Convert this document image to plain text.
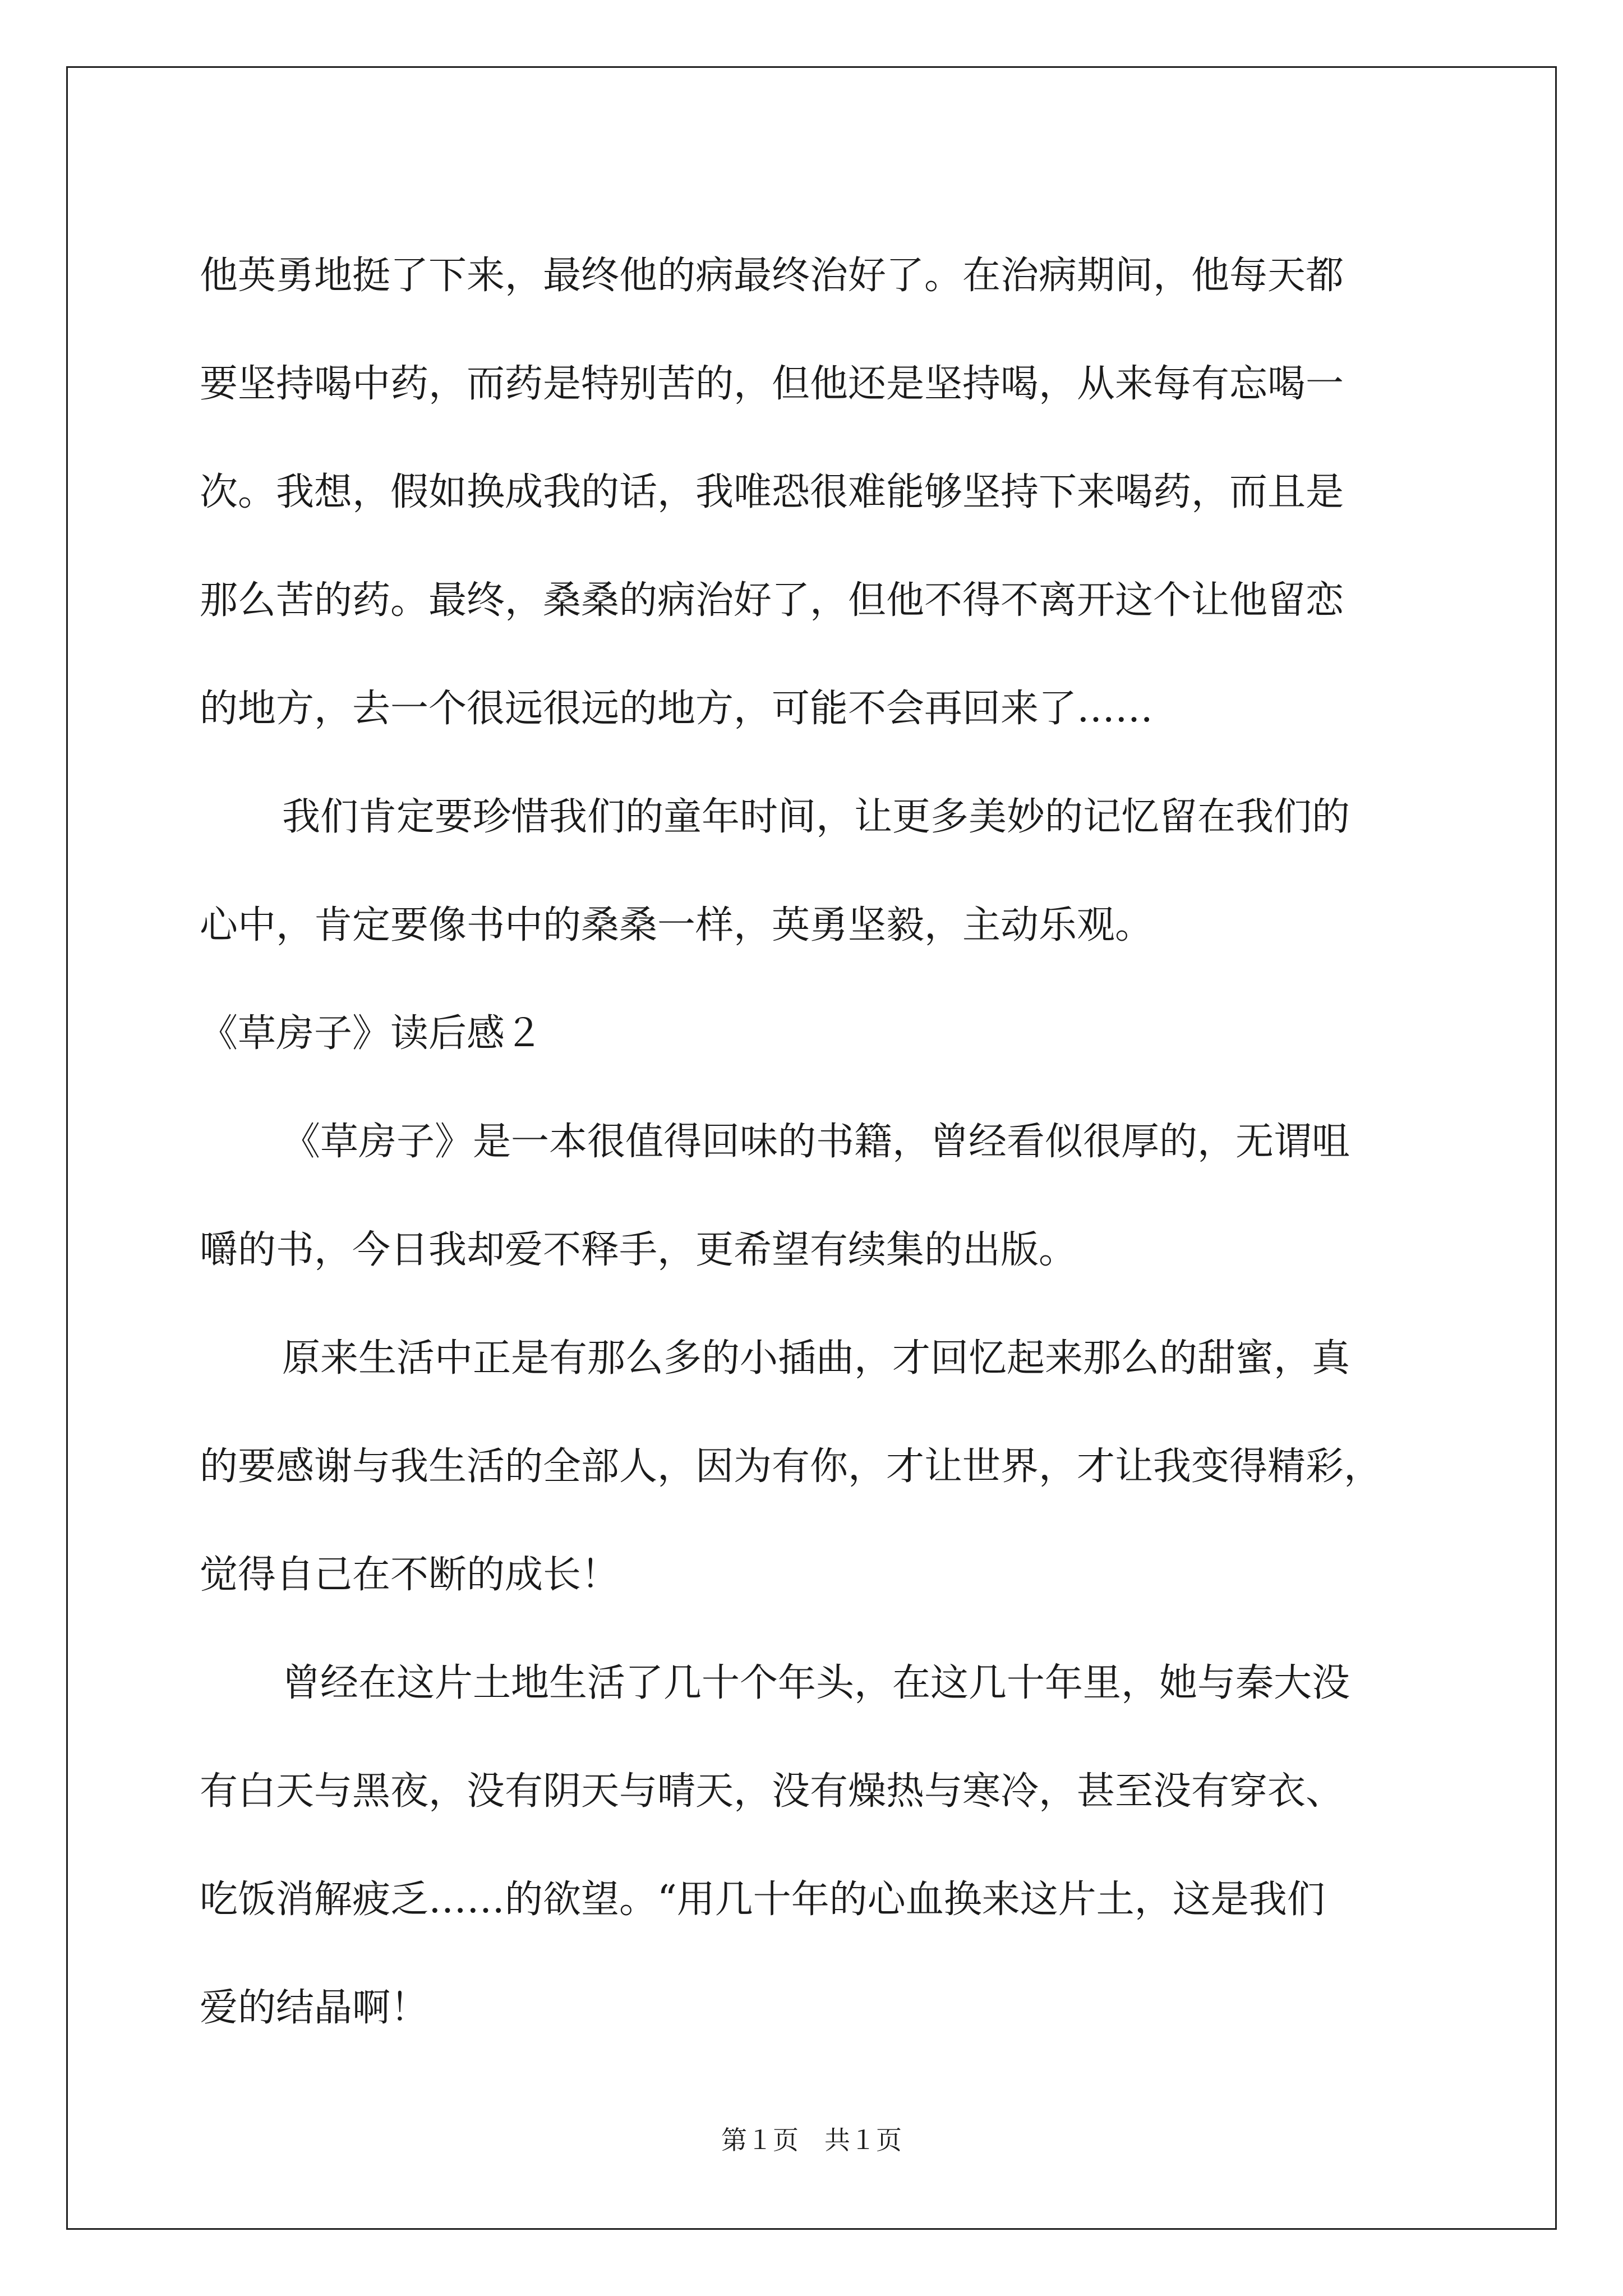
他英勇地挺了下来，最终他的病最终治好了。在治病期间，他每天都

要坚持喝中药，而药是特别苦的，但他还是坚持喝，从来每有忘喝一

次。我想，假如换成我的话，我唯恐很难能够坚持下来喝药，而且是

那么苦的药。最终，桑桑的病治好了，但他不得不离开这个让他留恋

的地方，去一个很远很远的地方，可能不会再回来了……

我们肯定要珍惜我们的童年时间，让更多美妙的记忆留在我们的

心中，肯定要像书中的桑桑一样，英勇坚毅，主动乐观。

《草房子》读后感２

《草房子》是一本很值得回味的书籍，曾经看似很厚的，无谓咀

嚼的书，今日我却爱不释手，更希望有续集的出版。

原来生活中正是有那么多的小插曲，才回忆起来那么的甜蜜，真

的要感谢与我生活的全部人，因为有你，才让世界，才让我变得精彩，

觉得自己在不断的成长！

曾经在这片土地生活了几十个年头，在这几十年里，她与秦大没

有白天与黑夜，没有阴天与晴天，没有燥热与寒冷，甚至没有穿衣、

吃饭消解疲乏……的欲望。“用几十年的心血换来这片土，这是我们

爱的结晶啊！

第１页 共１页
